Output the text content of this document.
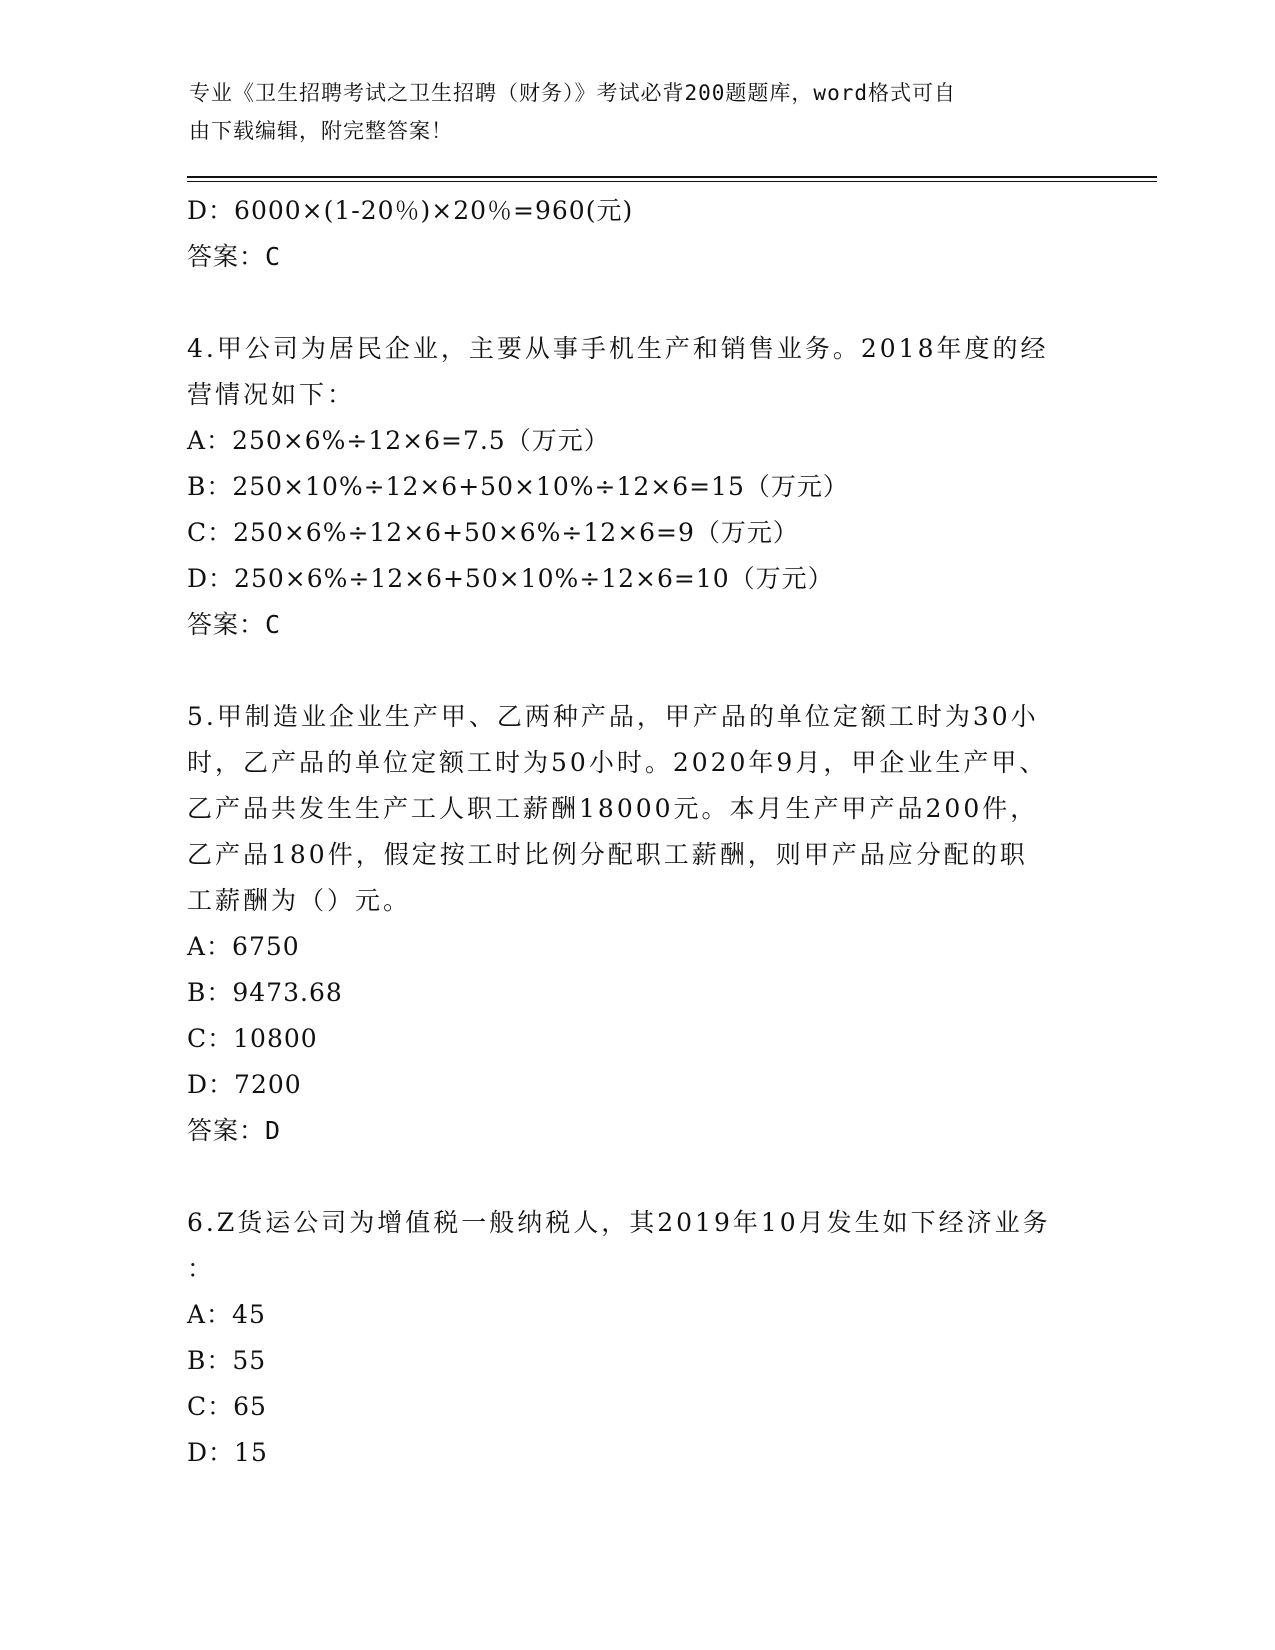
专业《卫生招聘考试之卫生招聘（财务）》考试必背200题题库，word格式可自
由下载编辑，附完整答案！
D：6000×(1-20％)×20％=960(元)
答案：C
4.甲公司为居民企业，主要从事手机生产和销售业务。2018年度的经
营情况如下：
A：250×6%÷12×6=7.5（万元）
B：250×10%÷12×6+50×10%÷12×6=15（万元）
C：250×6%÷12×6+50×6%÷12×6=9（万元）
D：250×6%÷12×6+50×10%÷12×6=10（万元）
答案：C
5.甲制造业企业生产甲、乙两种产品，甲产品的单位定额工时为30小
时，乙产品的单位定额工时为50小时。2020年9月，甲企业生产甲、
乙产品共发生生产工人职工薪酬18000元。本月生产甲产品200件，
乙产品180件，假定按工时比例分配职工薪酬，则甲产品应分配的职
工薪酬为（）元。
A：6750
B：9473.68
C：10800
D：7200
答案：D
6.Z货运公司为增值税一般纳税人，其2019年10月发生如下经济业务
：
A：45
B：55
C：65
D：15
